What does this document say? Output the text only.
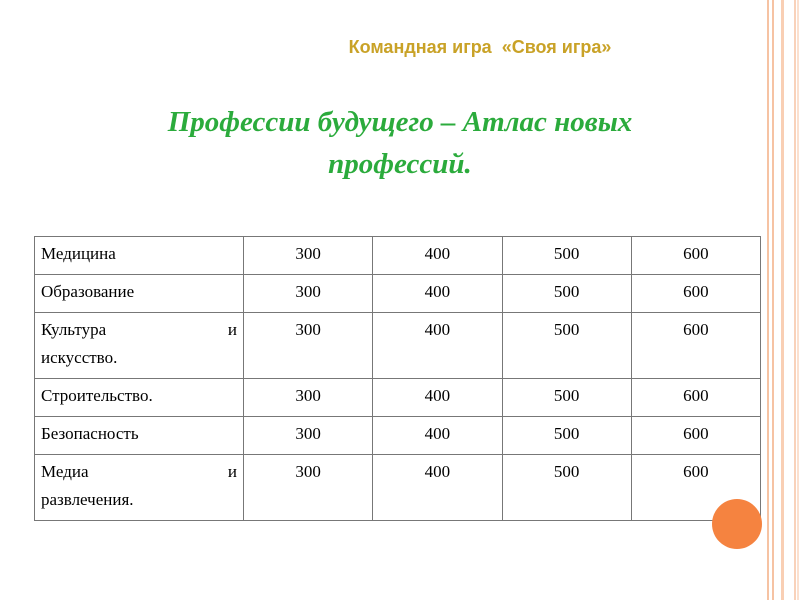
Командная игра  «Своя игра»
Профессии будущего – Атлас новых профессий.
Медицина	300	400	500	600
Образование	300	400	500	600

Культура и
искусство.	300	400	500	600
Строительство.	300	400	500	600
Безопасность	300	400	500	600

Медиа и
развлечения.	300	400	500	600
